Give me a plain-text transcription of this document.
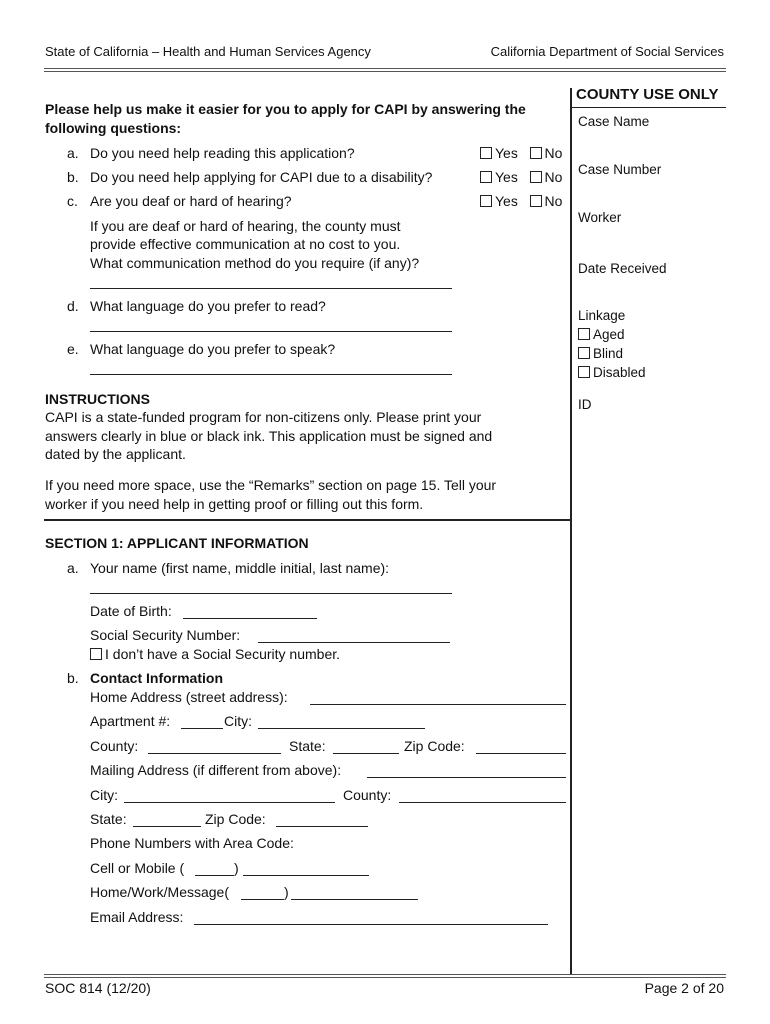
State of California – Health and Human Services Agency	California Department of Social Services
Please help us make it easier for you to apply for CAPI by answering the
following questions:
a. Do you need help reading this application?	Yes No
b. Do you need help applying for CAPI due to a disability?	Yes No
c. Are you deaf or hard of hearing?	Yes No
If you are deaf or hard of hearing, the county must
provide effective communication at no cost to you.
What communication method do you require (if any)?
d. What language do you prefer to read?
e. What language do you prefer to speak?
INSTRUCTIONS
CAPI is a state-funded program for non-citizens only. Please print your
answers clearly in blue or black ink. This application must be signed and
dated by the applicant.
If you need more space, use the “Remarks” section on page 15. Tell your
worker if you need help in getting proof or filling out this form.
SECTION 1: APPLICANT INFORMATION
a. Your name (first name, middle initial, last name):
Date of Birth:
Social Security Number:
I don’t have a Social Security number.
b. Contact Information
Home Address (street address):
Apartment #:	City:
County:	State:	Zip Code:
Mailing Address (if different from above):
City:	County:
State:	Zip Code:
Phone Numbers with Area Code:
Cell or Mobile (	)
Home/Work/Message(	)
Email Address:
COUNTY USE ONLY
Case Name
Case Number
Worker
Date Received
Linkage
Aged
Blind
Disabled
ID
SOC 814 (12/20)	Page 2 of 20
